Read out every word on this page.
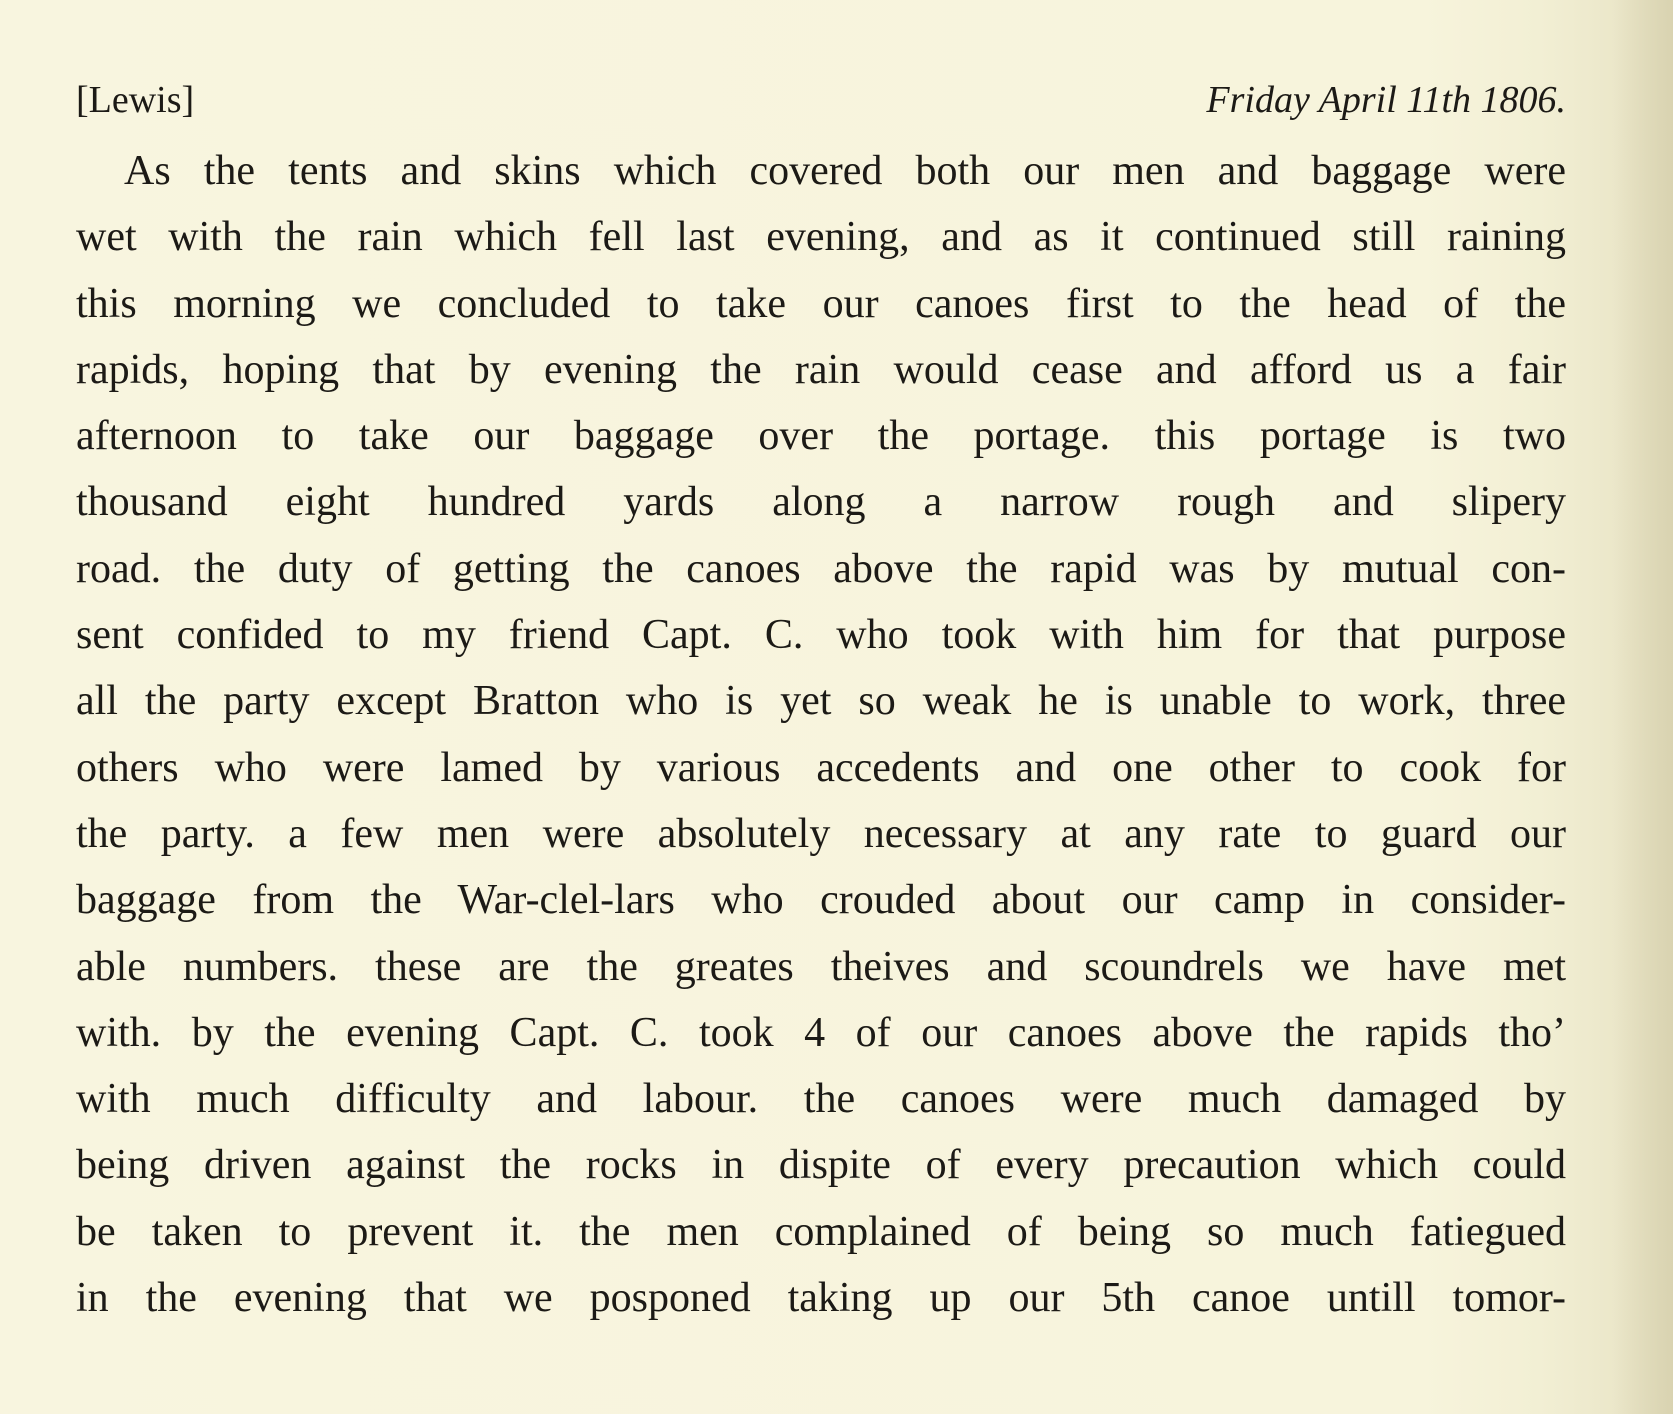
[Lewis]	Friday April 11th 1806.
As the tents and skins which covered both our men and baggage were
wet with the rain which fell last evening, and as it continued still raining
this morning we concluded to take our canoes first to the head of the
rapids, hoping that by evening the rain would cease and afford us a fair
afternoon to take our baggage over the portage. this portage is two
thousand eight hundred yards along a narrow rough and slipery
road. the duty of getting the canoes above the rapid was by mutual con-
sent confided to my friend Capt. C. who took with him for that purpose
all the party except Bratton who is yet so weak he is unable to work, three
others who were lamed by various accedents and one other to cook for
the party. a few men were absolutely necessary at any rate to guard our
baggage from the War-clel-lars who crouded about our camp in consider-
able numbers. these are the greates theives and scoundrels we have met
with. by the evening Capt. C. took 4 of our canoes above the rapids tho’
with much difficulty and labour. the canoes were much damaged by
being driven against the rocks in dispite of every precaution which could
be taken to prevent it. the men complained of being so much fatiegued
in the evening that we posponed taking up our 5th canoe untill tomor-
